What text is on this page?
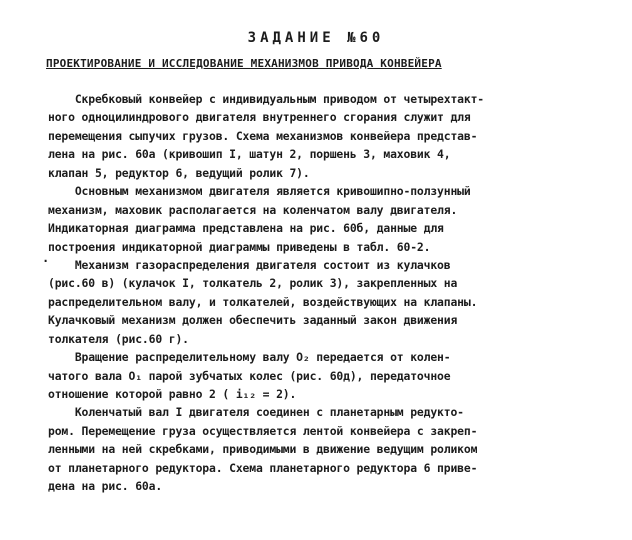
ЗАДАНИЕ №60
ПРОЕКТИРОВАНИЕ И ИССЛЕДОВАНИЕ МЕХАНИЗМОВ ПРИВОДА КОНВЕЙЕРА
·
Скребковый конвейер с индивидуальным приводом от четырехтакт-
ного одноцилиндрового двигателя внутреннего сгорания служит для
перемещения сыпучих грузов. Схема механизмов конвейера представ-
лена на рис. 60а (кривошип I, шатун 2, поршень 3, маховик 4,
клапан 5, редуктор 6, ведущий ролик 7).
Основным механизмом двигателя является кривошипно-ползунный
механизм, маховик располагается на коленчатом валу двигателя.
Индикаторная диаграмма представлена на рис. 60б, данные для
построения индикаторной диаграммы приведены в табл. 60-2.
Механизм газораспределения двигателя состоит из кулачков
(рис.60 в) (кулачок I, толкатель 2, ролик 3), закрепленных на
распределительном валу, и толкателей, воздействующих на клапаны.
Кулачковый механизм должен обеспечить заданный закон движения
толкателя (рис.60 г).
Вращение распределительному валу O₂ передается от колен-
чатого вала O₁ парой зубчатых колес (рис. 60д), передаточное
отношение которой равно 2 ( i₁₂ = 2).
Коленчатый вал I двигателя соединен с планетарным редукто-
ром. Перемещение груза осуществляется лентой конвейера с закреп-
ленными на ней скребками, приводимыми в движение ведущим роликом
от планетарного редуктора. Схема планетарного редуктора 6 приве-
дена на рис. 60а.
